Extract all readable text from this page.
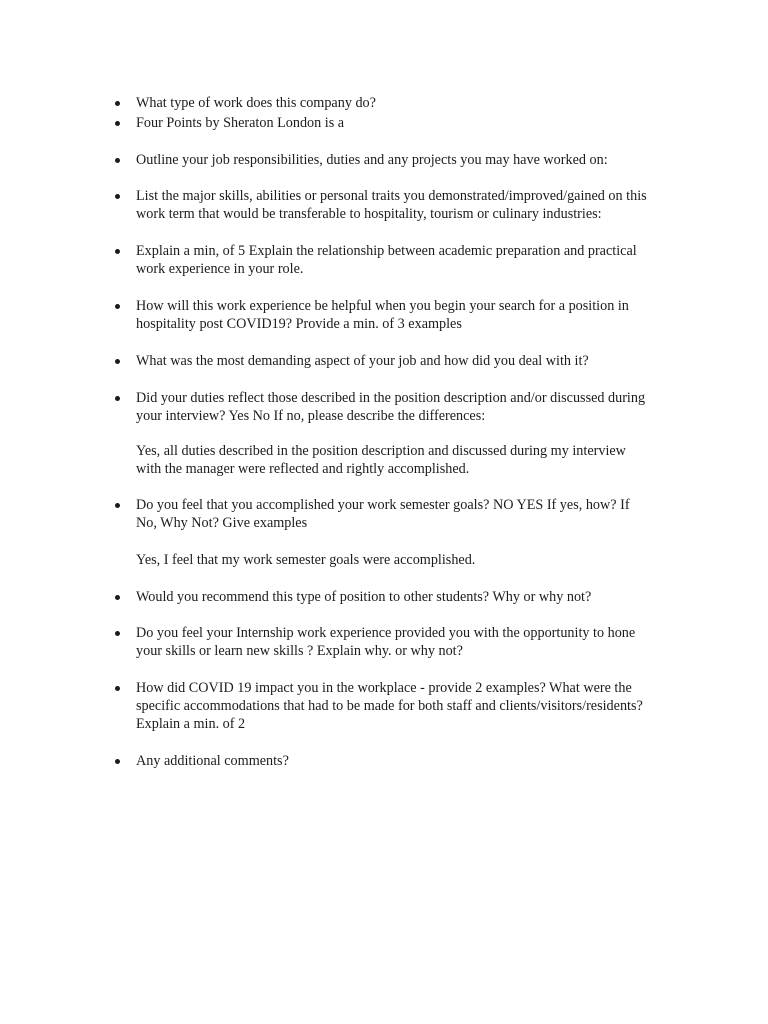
What type of work does this company do?
Four Points by Sheraton London is a
Outline your job responsibilities, duties and any projects you may have worked on:
List the major skills, abilities or personal traits you demonstrated/improved/gained on this
work term that would be transferable to hospitality, tourism or culinary industries:
Explain a min, of 5 Explain the relationship between academic preparation and practical
work experience in your role.
How will this work experience be helpful when you begin your search for a position in
hospitality post COVID19? Provide a min. of 3 examples
What was the most demanding aspect of your job and how did you deal with it?
Did your duties reflect those described in the position description and/or discussed during
your interview? Yes No If no, please describe the differences:
Yes, all duties described in the position description and discussed during my interview
with the manager were reflected and rightly accomplished.
Do you feel that you accomplished your work semester goals? NO YES If yes, how? If
No, Why Not? Give examples
Yes, I feel that my work semester goals were accomplished.
Would you recommend this type of position to other students? Why or why not?
Do you feel your Internship work experience provided you with the opportunity to hone
your skills or learn new skills ? Explain why. or why not?
How did COVID 19 impact you in the workplace - provide 2 examples? What were the
specific accommodations that had to be made for both staff and clients/visitors/residents?
Explain a min. of 2
Any additional comments?
